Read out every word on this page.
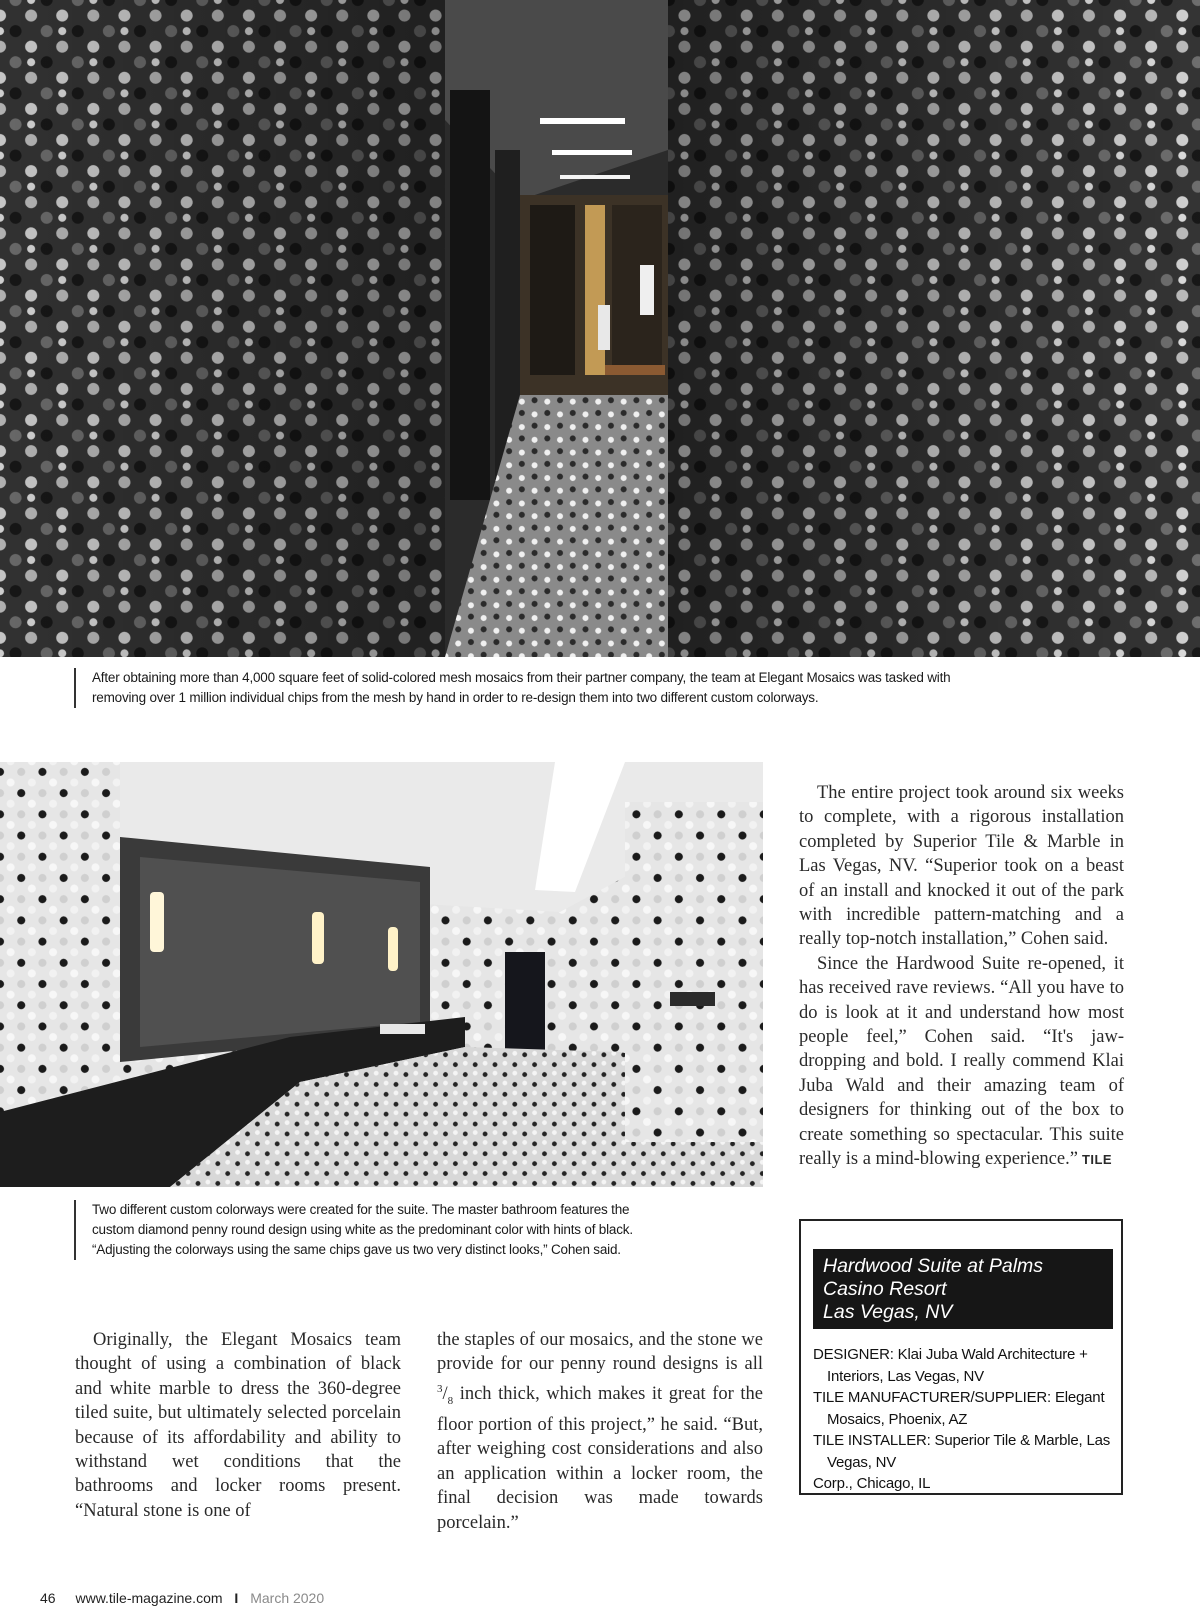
After obtaining more than 4,000 square feet of solid-colored mesh mosaics from their partner company, the team at Elegant Mosaics was tasked with
removing over 1 million individual chips from the mesh by hand in order to re-design them into two different custom colorways.
Two different custom colorways were created for the suite. The master bathroom features the
custom diamond penny round design using white as the predominant color with hints of black.
“Adjusting the colorways using the same chips gave us two very distinct looks,” Cohen said.

The entire project took around six weeks to complete, with a rigorous installation completed by Superior Tile & Marble in Las Vegas, NV. “Superior took on a beast of an install and knocked it out of the park with incredible pattern-matching and a really top-notch installation,” Cohen said.

Since the Hardwood Suite re-opened, it has received rave reviews. “All you have to do is look at it and understand how most people feel,” Cohen said. “It's jaw-dropping and bold. I really commend Klai Juba Wald and their amazing team of designers for thinking out of the box to create something so spectacular. This suite really is a mind-blowing experience.” TILE

Hardwood Suite at Palms
Casino Resort
Las Vegas, NV
DESIGNER: Klai Juba Wald Architecture + Interiors, Las Vegas, NV
TILE MANUFACTURER/SUPPLIER: Elegant Mosaics, Phoenix, AZ
TILE INSTALLER: Superior Tile & Marble, Las Vegas, NV
Corp., Chicago, IL

Originally, the Elegant Mosaics team thought of using a combination of black and white marble to dress the 360-degree tiled suite, but ultimately selected porcelain because of its affordability and ability to withstand wet conditions that the bathrooms and locker rooms present. “Natural stone is one of

the staples of our mosaics, and the stone we provide for our penny round designs is all $^3/_8$ inch thick, which makes it great for the floor portion of this project,” he said. “But, after weighing cost considerations and also an application within a locker room, the final decision was made towards porcelain.”

46 www.tile-magazine.com I March 2020
